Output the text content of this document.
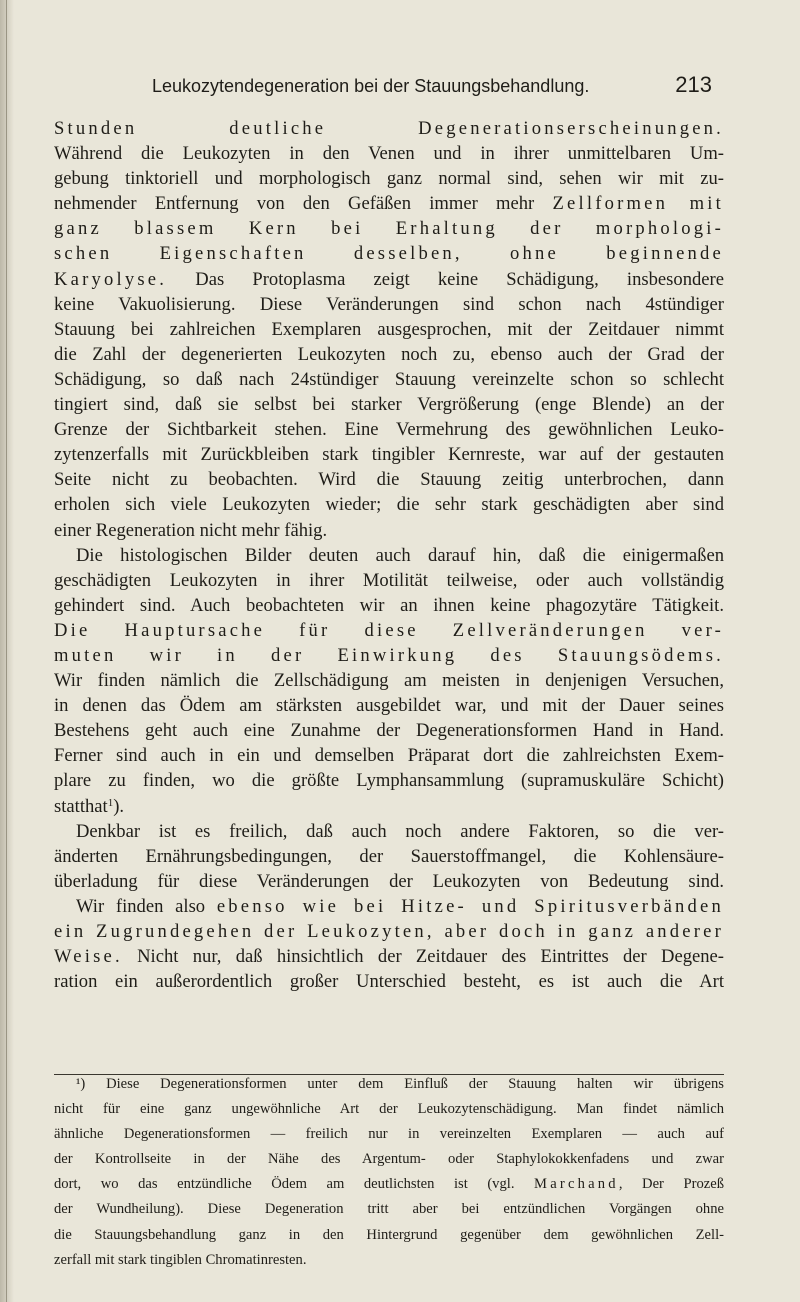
Leukozytendegeneration bei der Stauungsbehandlung.	213
Stunden deutliche Degenerationserscheinungen.
Während die Leukozyten in den Venen und in ihrer unmittelbaren Um-
gebung tinktoriell und morphologisch ganz normal sind, sehen wir mit zu-
nehmender Entfernung von den Gefäßen immer mehr Zellformen mit
ganz blassem Kern bei Erhaltung der morphologi-
schen Eigenschaften desselben, ohne beginnende
Karyolyse. Das Protoplasma zeigt keine Schädigung, insbesondere
keine Vakuolisierung. Diese Veränderungen sind schon nach 4stündiger
Stauung bei zahlreichen Exemplaren ausgesprochen, mit der Zeitdauer nimmt
die Zahl der degenerierten Leukozyten noch zu, ebenso auch der Grad der
Schädigung, so daß nach 24stündiger Stauung vereinzelte schon so schlecht
tingiert sind, daß sie selbst bei starker Vergrößerung (enge Blende) an der
Grenze der Sichtbarkeit stehen. Eine Vermehrung des gewöhnlichen Leuko-
zytenzerfalls mit Zurückbleiben stark tingibler Kernreste, war auf der gestauten
Seite nicht zu beobachten. Wird die Stauung zeitig unterbrochen, dann
erholen sich viele Leukozyten wieder; die sehr stark geschädigten aber sind
einer Regeneration nicht mehr fähig.
Die histologischen Bilder deuten auch darauf hin, daß die einigermaßen
geschädigten Leukozyten in ihrer Motilität teilweise, oder auch vollständig
gehindert sind. Auch beobachteten wir an ihnen keine phagozytäre Tätigkeit.
Die Hauptursache für diese Zellveränderungen ver-
muten wir in der Einwirkung des Stauungsödems.
Wir finden nämlich die Zellschädigung am meisten in denjenigen Versuchen,
in denen das Ödem am stärksten ausgebildet war, und mit der Dauer seines
Bestehens geht auch eine Zunahme der Degenerationsformen Hand in Hand.
Ferner sind auch in ein und demselben Präparat dort die zahlreichsten Exem-
plare zu finden, wo die größte Lymphansammlung (supramuskuläre Schicht)
statthat$^1$).
Denkbar ist es freilich, daß auch noch andere Faktoren, so die ver-
änderten Ernährungsbedingungen, der Sauerstoffmangel, die Kohlensäure-
überladung für diese Veränderungen der Leukozyten von Bedeutung sind.
Wir finden also ebenso wie bei Hitze- und Spiritusverbänden
ein Zugrundegehen der Leukozyten, aber doch in ganz anderer
Weise. Nicht nur, daß hinsichtlich der Zeitdauer des Eintrittes der Degene-
ration ein außerordentlich großer Unterschied besteht, es ist auch die Art
¹) Diese Degenerationsformen unter dem Einfluß der Stauung halten wir übrigens
nicht für eine ganz ungewöhnliche Art der Leukozytenschädigung. Man findet nämlich
ähnliche Degenerationsformen — freilich nur in vereinzelten Exemplaren — auch auf
der Kontrollseite in der Nähe des Argentum- oder Staphylokokkenfadens und zwar
dort, wo das entzündliche Ödem am deutlichsten ist (vgl. Marchand, Der Prozeß
der Wundheilung). Diese Degeneration tritt aber bei entzündlichen Vorgängen ohne
die Stauungsbehandlung ganz in den Hintergrund gegenüber dem gewöhnlichen Zell-
zerfall mit stark tingiblen Chromatinresten.
